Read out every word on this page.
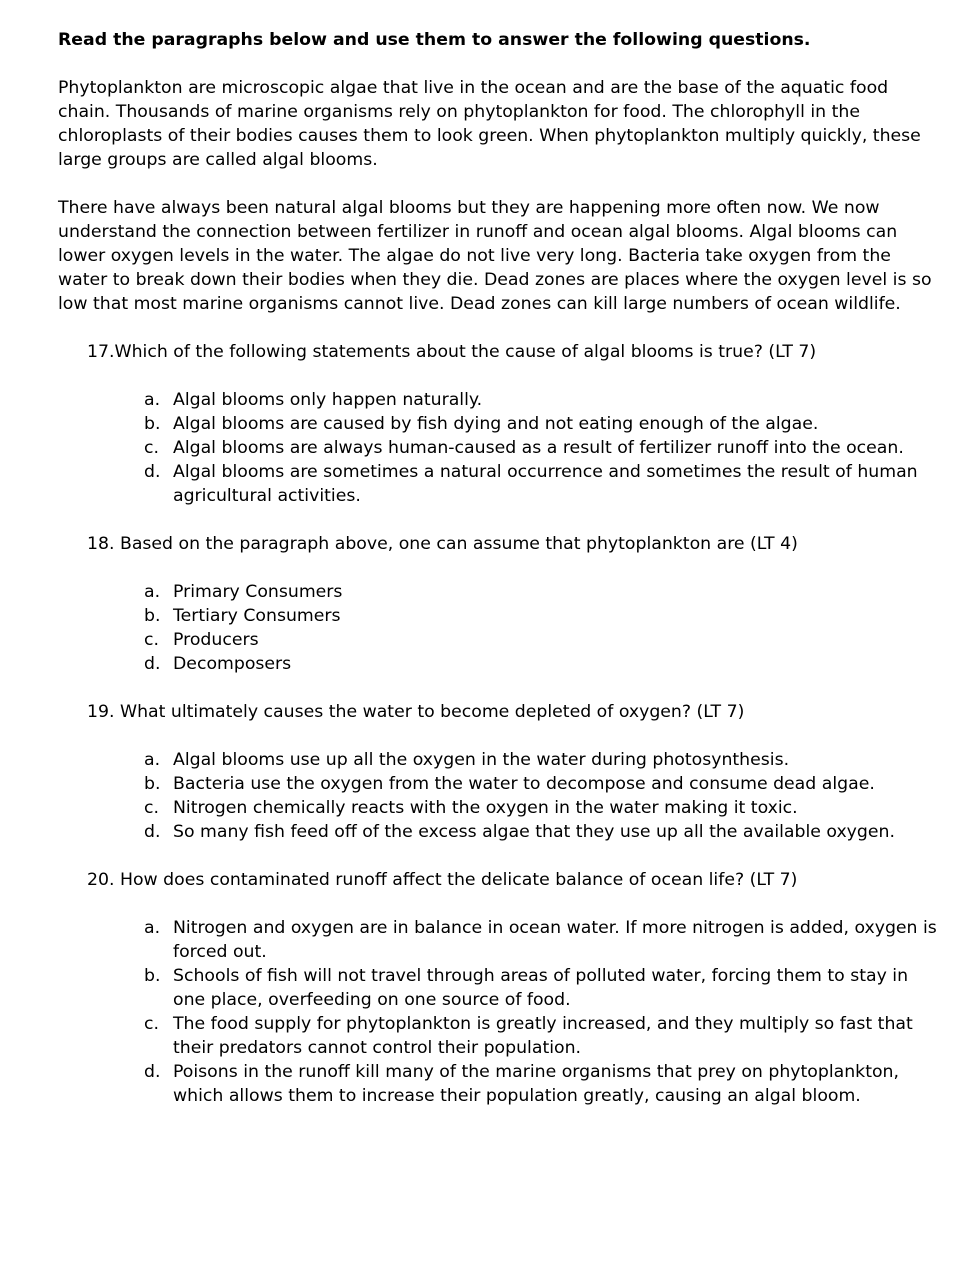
Read the paragraphs below and use them to answer the following questions.

Phytoplankton are microscopic algae that live in the ocean and are the base of the aquatic food chain. Thousands of marine organisms rely on phytoplankton for food. The chlorophyll in the chloroplasts of their bodies causes them to look green. When phytoplankton multiply quickly, these large groups are called algal blooms.

There have always been natural algal blooms but they are happening more often now. We now understand the connection between fertilizer in runoff and ocean algal blooms. Algal blooms can lower oxygen levels in the water. The algae do not live very long. Bacteria take oxygen from the water to break down their bodies when they die. Dead zones are places where the oxygen level is so low that most marine organisms cannot live. Dead zones can kill large numbers of ocean wildlife.

17.Which of the following statements about the cause of algal blooms is true? (LT 7)

a. Algal blooms only happen naturally.
b. Algal blooms are caused by fish dying and not eating enough of the algae.
c. Algal blooms are always human-caused as a result of fertilizer runoff into the ocean.
d. Algal blooms are sometimes a natural occurrence and sometimes the result of human agricultural activities.

18. Based on the paragraph above, one can assume that phytoplankton are (LT 4)

a. Primary Consumers
b. Tertiary Consumers
c. Producers
d. Decomposers

19. What ultimately causes the water to become depleted of oxygen? (LT 7)

a. Algal blooms use up all the oxygen in the water during photosynthesis.
b. Bacteria use the oxygen from the water to decompose and consume dead algae.
c. Nitrogen chemically reacts with the oxygen in the water making it toxic.
d. So many fish feed off of the excess algae that they use up all the available oxygen.

20. How does contaminated runoff affect the delicate balance of ocean life? (LT 7)

a. Nitrogen and oxygen are in balance in ocean water. If more nitrogen is added, oxygen is forced out.
b. Schools of fish will not travel through areas of polluted water, forcing them to stay in one place, overfeeding on one source of food.
c. The food supply for phytoplankton is greatly increased, and they multiply so fast that their predators cannot control their population.
d. Poisons in the runoff kill many of the marine organisms that prey on phytoplankton, which allows them to increase their population greatly, causing an algal bloom.
